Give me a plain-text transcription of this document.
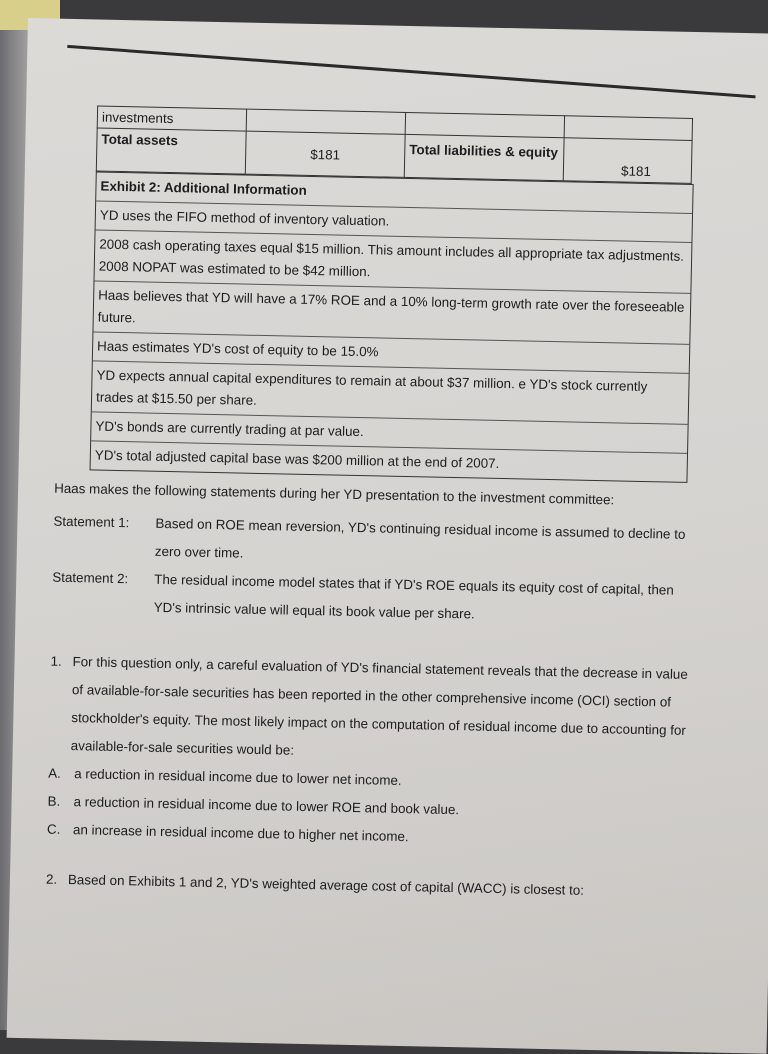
investments			
Total assets	$181	Total liabilities & equity	$181
Exhibit 2: Additional Information
YD uses the FIFO method of inventory valuation.
2008 cash operating taxes equal $15 million. This amount includes all appropriate tax adjustments. 2008 NOPAT was estimated to be $42 million.
Haas believes that YD will have a 17% ROE and a 10% long-term growth rate over the foreseeable future.
Haas estimates YD's cost of equity to be 15.0%
YD expects annual capital expenditures to remain at about $37 million. e YD's stock currently trades at $15.50 per share.
YD's bonds are currently trading at par value.
YD's total adjusted capital base was $200 million at the end of 2007.

Haas makes the following statements during her YD presentation to the investment committee:

Statement 1:	Based on ROE mean reversion, YD's continuing residual income is assumed to decline to zero over time.
Statement 2:	The residual income model states that if YD's ROE equals its equity cost of capital, then YD's intrinsic value will equal its book value per share.
1. For this question only, a careful evaluation of YD's financial statement reveals that the decrease in value of available-for-sale securities has been reported in the other comprehensive income (OCI) section of stockholder's equity. The most likely impact on the computation of residual income due to accounting for available-for-sale securities would be:
A. a reduction in residual income due to lower net income.
B. a reduction in residual income due to lower ROE and book value.
C. an increase in residual income due to higher net income.
2. Based on Exhibits 1 and 2, YD's weighted average cost of capital (WACC) is closest to:
